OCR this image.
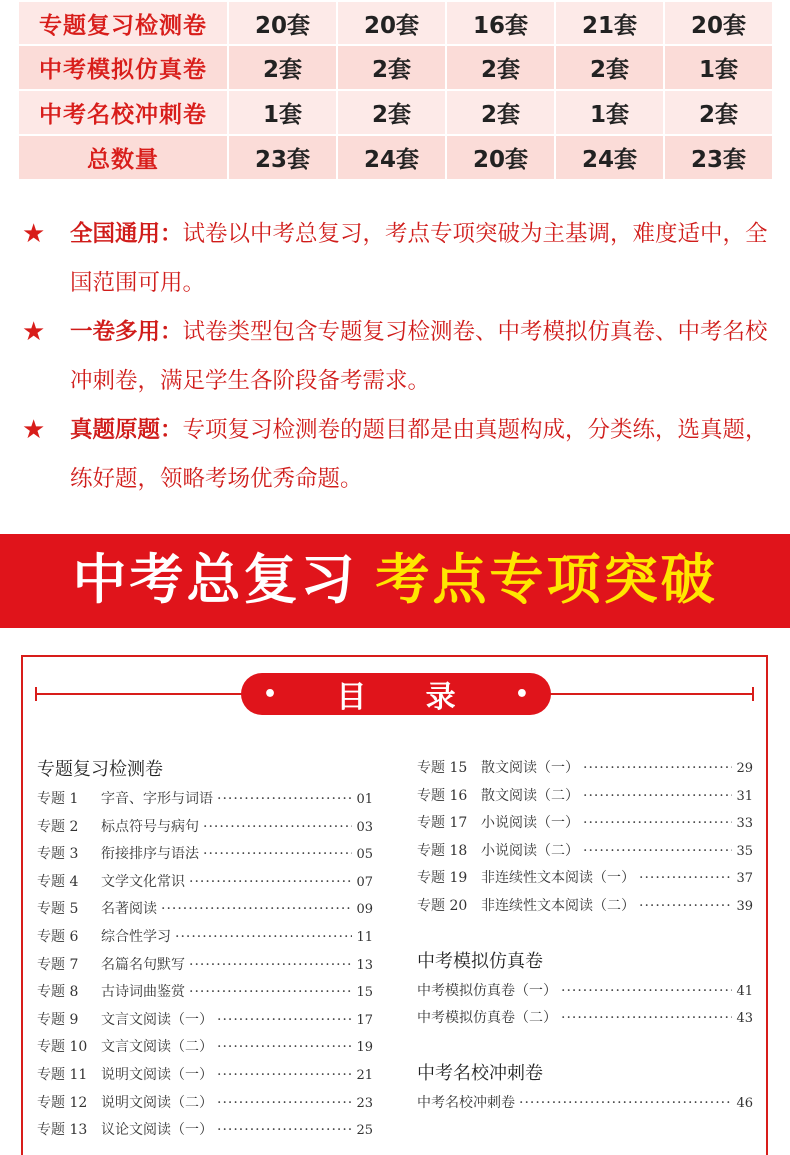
专题复习检测卷	20套	20套	16套	21套	20套
中考模拟仿真卷	2套	2套	2套	2套	1套
中考名校冲刺卷	1套	2套	2套	1套	2套
总数量	23套	24套	20套	24套	23套
★ 全国通用：试卷以中考总复习，考点专项突破为主基调，难度适中，全国范围可用。
★ 一卷多用：试卷类型包含专题复习检测卷、中考模拟仿真卷、中考名校冲刺卷，满足学生各阶段备考需求。
★ 真题原题：专项复习检测卷的题目都是由真题构成，分类练，选真题，练好题，领略考场优秀命题。
中考总复习 考点专项突破
• 目 录	•
专题复习检测卷
专题 1	字音、字形与词语 ·····	01
专题 2	标点符号与病句 ·····	03
专题 3	衔接排序与语法 ·····	05
专题 4	文学文化常识 ·····	07
专题 5	名著阅读 ·····	09
专题 6	综合性学习 ·····	11
专题 7	名篇名句默写 ·····	13
专题 8	古诗词曲鉴赏 ·····	15
专题 9	文言文阅读（一） ·····	17
专题 10 文言文阅读（二） ·····	19
专题 11 说明文阅读（一） ·····	21
专题 12 说明文阅读（二） ·····	23
专题 13 议论文阅读（一） ·····	25
专题 15 散文阅读（一） ·····	29
专题 16 散文阅读（二） ·····	31
专题 17 小说阅读（一） ·····	33
专题 18 小说阅读（二） ·····	35
专题 19 非连续性文本阅读（一） ·····	37
专题 20 非连续性文本阅读（二） ·····	39
中考模拟仿真卷
中考模拟仿真卷（一） ·····	41
中考模拟仿真卷（二） ·····	43
中考名校冲刺卷
中考名校冲刺卷 ·····	46
